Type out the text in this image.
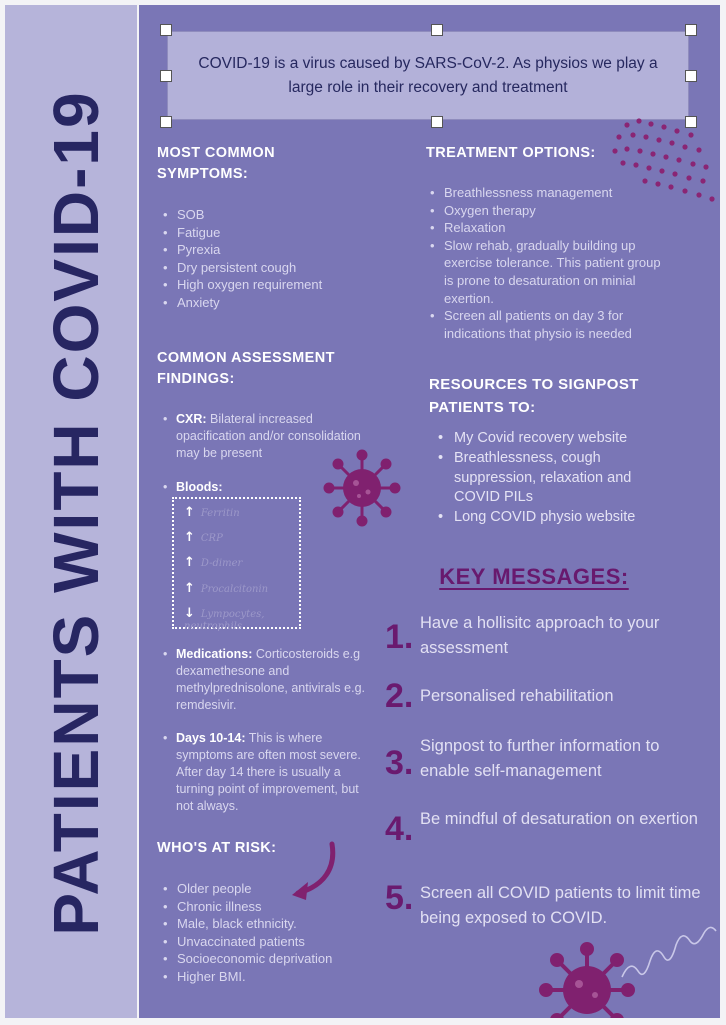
PATIENTS WITH COVID-19
COVID-19 is a virus caused by SARS-CoV-2. As physios we play a large role in their recovery and treatment
MOST COMMON
SYMPTOMS:
• SOB
• Fatigue
• Pyrexia
• Dry persistent cough
• High oxygen requirement
• Anxiety
TREATMENT OPTIONS:
• Breathlessness management
• Oxygen therapy
• Relaxation
• Slow rehab, gradually building up exercise tolerance. This patient group is prone to desaturation on minial exertion.
• Screen all patients on day 3 for indications that physio is needed
COMMON ASSESSMENT
FINDINGS:
• CXR: Bilateral increased opacification and/or consolidation may be present
• Bloods:
↑ Ferritin
↑ CRP
↑ D-dimer
↑ Procalcitonin
↓ Lympocytes, neutrophils
• Medications: Corticosteroids e.g dexamethesone and methylprednisolone, antivirals e.g. remdesivir.
• Days 10-14: This is where symptoms are often most severe. After day 14 there is usually a turning point of improvement, but not always.
WHO'S AT RISK:
• Older people
• Chronic illness
• Male, black ethnicity.
• Unvaccinated patients
• Socioeconomic deprivation
• Higher BMI.
RESOURCES TO SIGNPOST
PATIENTS TO:
• My Covid recovery website
• Breathlessness, cough suppression, relaxation and COVID PILs
• Long COVID physio website
KEY MESSAGES:
1. Have a hollisitc approach to your assessment
2. Personalised rehabilitation
3. Signpost to further information to enable self-management
4. Be mindful of desaturation on exertion
5. Screen all COVID patients to limit time being exposed to COVID.
